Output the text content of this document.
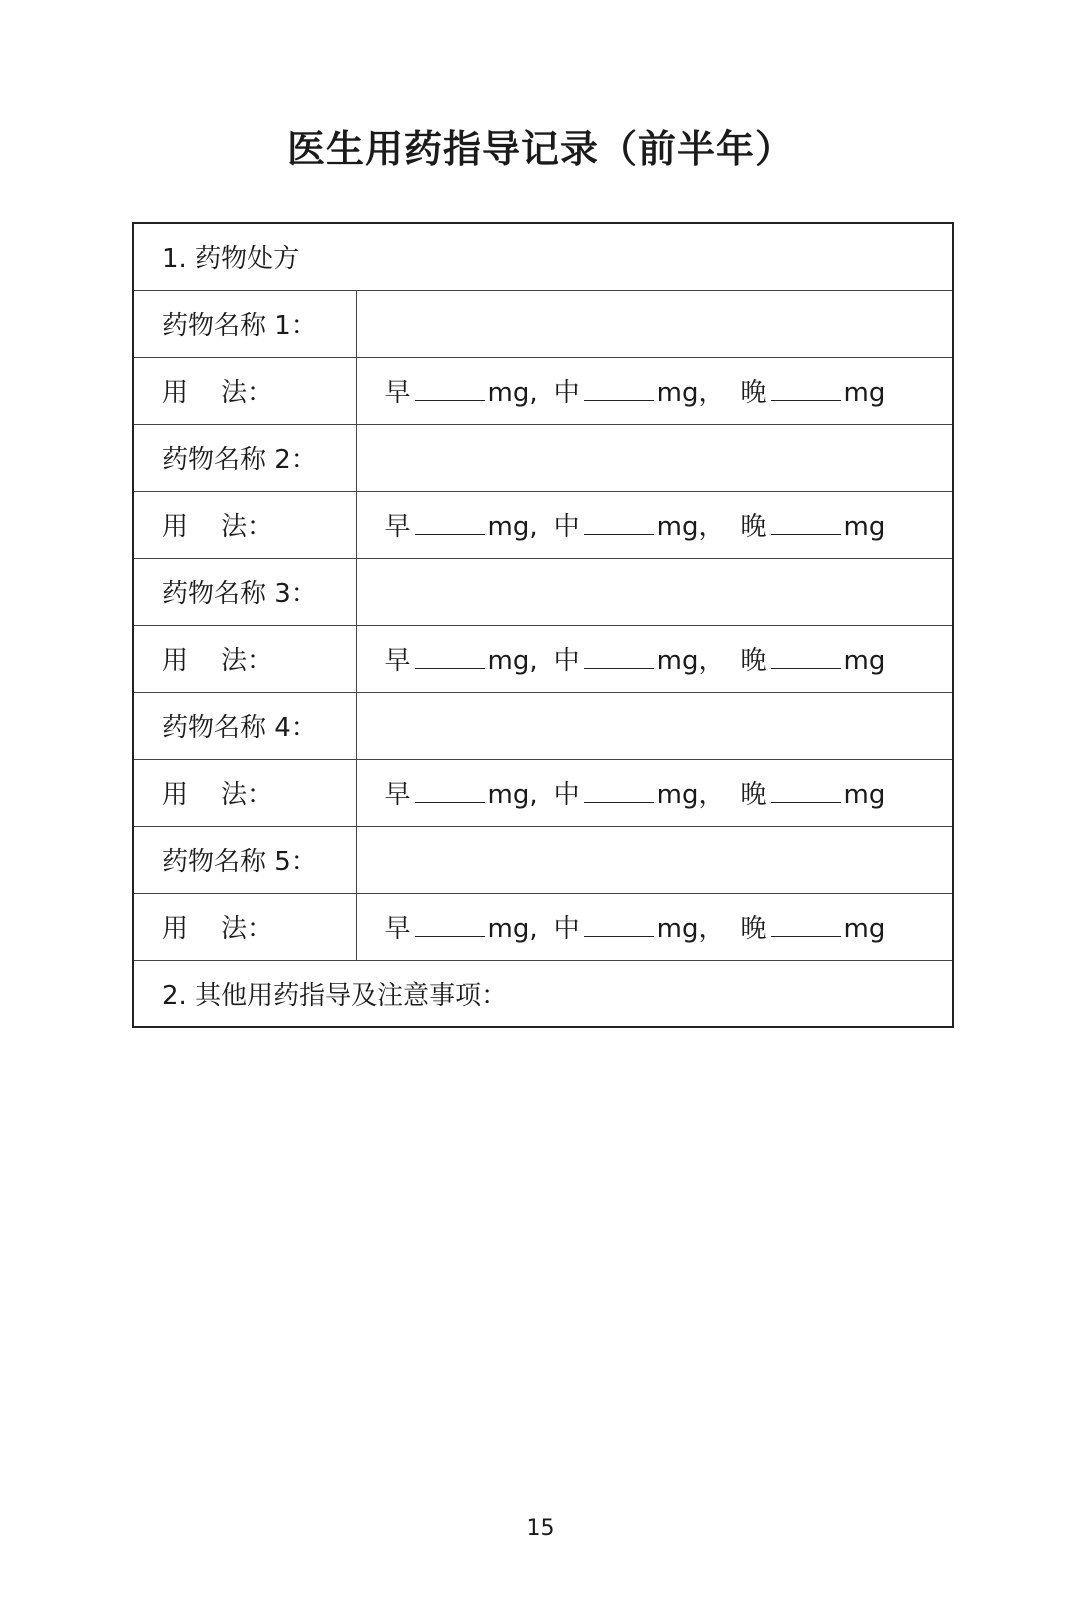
医生用药指导记录（前半年）
1. 药物处方	
药物名称 1：	
用    法：	早 mg, 中 mg， 晚 mg
药物名称 2：	
用    法：	早 mg, 中 mg， 晚 mg
药物名称 3：	
用    法：	早 mg, 中 mg， 晚 mg
药物名称 4：	
用    法：	早 mg, 中 mg， 晚 mg
药物名称 5：	
用    法：	早 mg, 中 mg， 晚 mg
2. 其他用药指导及注意事项：	
15
